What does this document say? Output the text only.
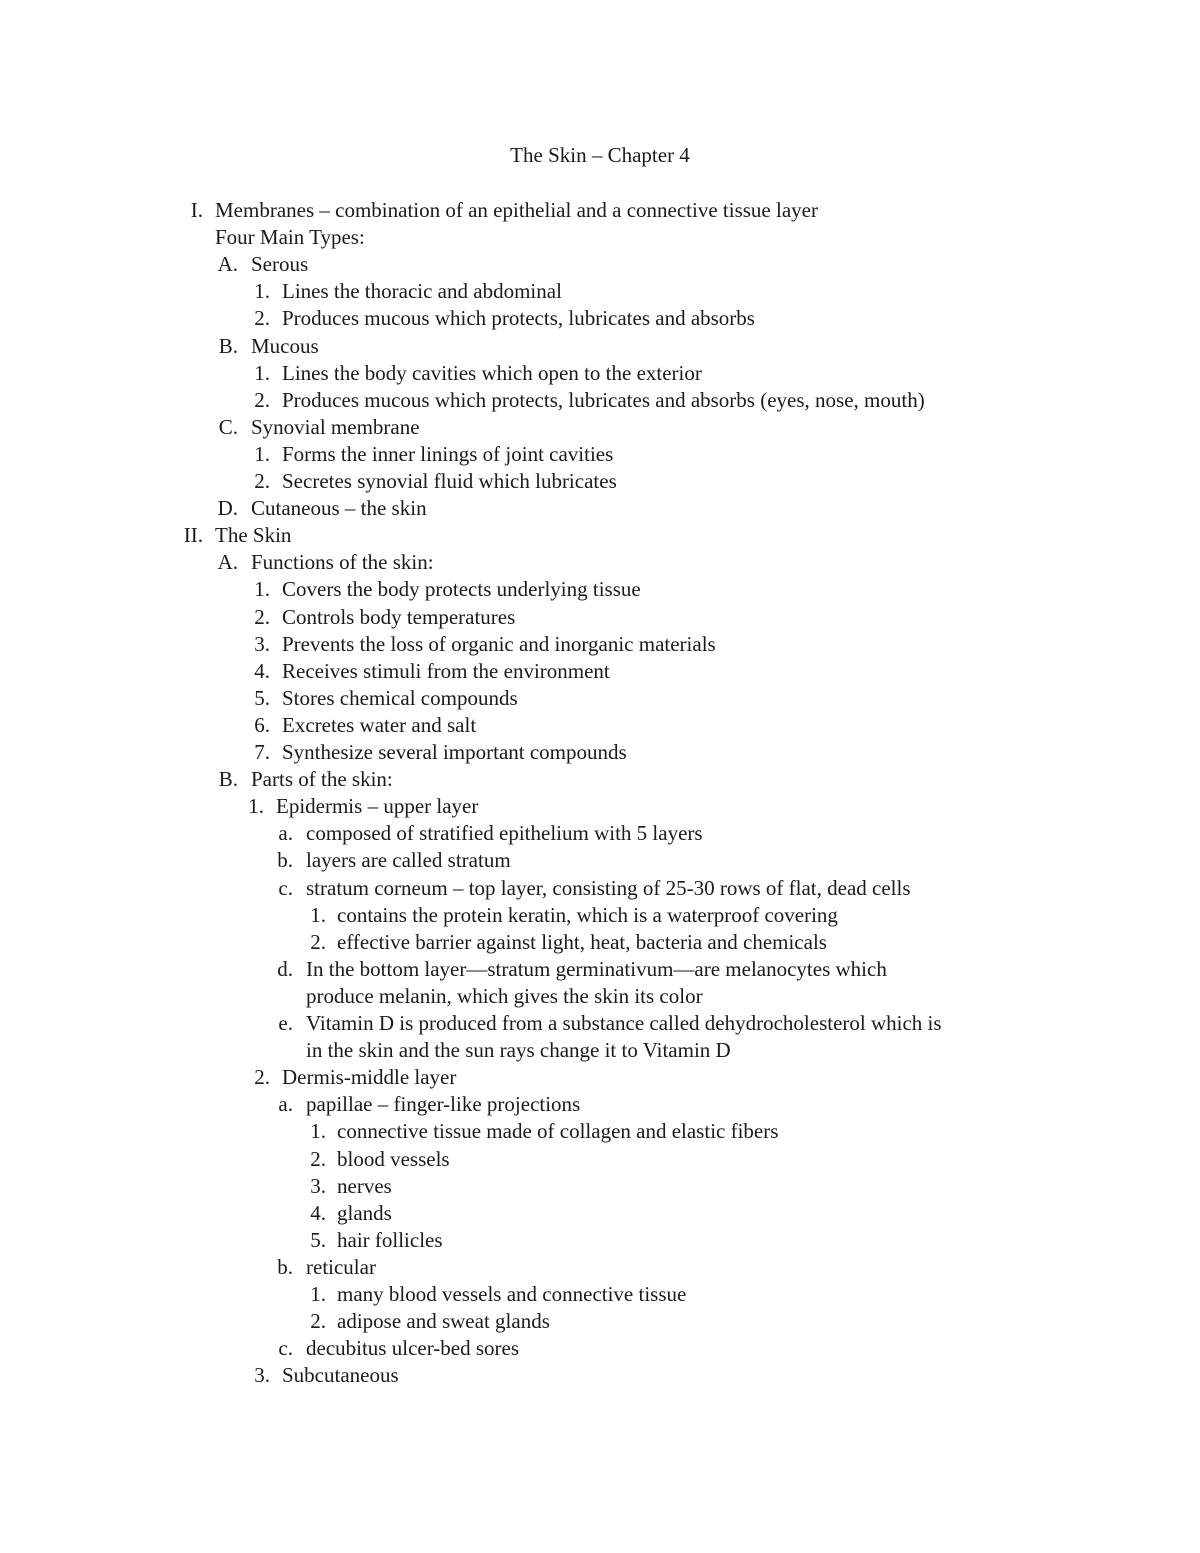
The Skin – Chapter 4
I. Membranes – combination of an epithelial and a connective tissue layer
Four Main Types:
A. Serous
1. Lines the thoracic and abdominal
2. Produces mucous which protects, lubricates and absorbs
B. Mucous
1. Lines the body cavities which open to the exterior
2. Produces mucous which protects, lubricates and absorbs (eyes, nose, mouth)
C. Synovial membrane
1. Forms the inner linings of joint cavities
2. Secretes synovial fluid which lubricates
D. Cutaneous – the skin
II. The Skin
A. Functions of the skin:
1. Covers the body protects underlying tissue
2. Controls body temperatures
3. Prevents the loss of organic and inorganic materials
4. Receives stimuli from the environment
5. Stores chemical compounds
6. Excretes water and salt
7. Synthesize several important compounds
B. Parts of the skin:
1. Epidermis – upper layer
a. composed of stratified epithelium with 5 layers
b. layers are called stratum
c. stratum corneum – top layer, consisting of 25-30 rows of flat, dead cells
1. contains the protein keratin, which is a waterproof covering
2. effective barrier against light, heat, bacteria and chemicals
d. In the bottom layer—stratum germinativum—are melanocytes which
produce melanin, which gives the skin its color
e. Vitamin D is produced from a substance called dehydrocholesterol which is
in the skin and the sun rays change it to Vitamin D
2. Dermis-middle layer
a. papillae – finger-like projections
1. connective tissue made of collagen and elastic fibers
2. blood vessels
3. nerves
4. glands
5. hair follicles
b. reticular
1. many blood vessels and connective tissue
2. adipose and sweat glands
c. decubitus ulcer-bed sores
3. Subcutaneous
